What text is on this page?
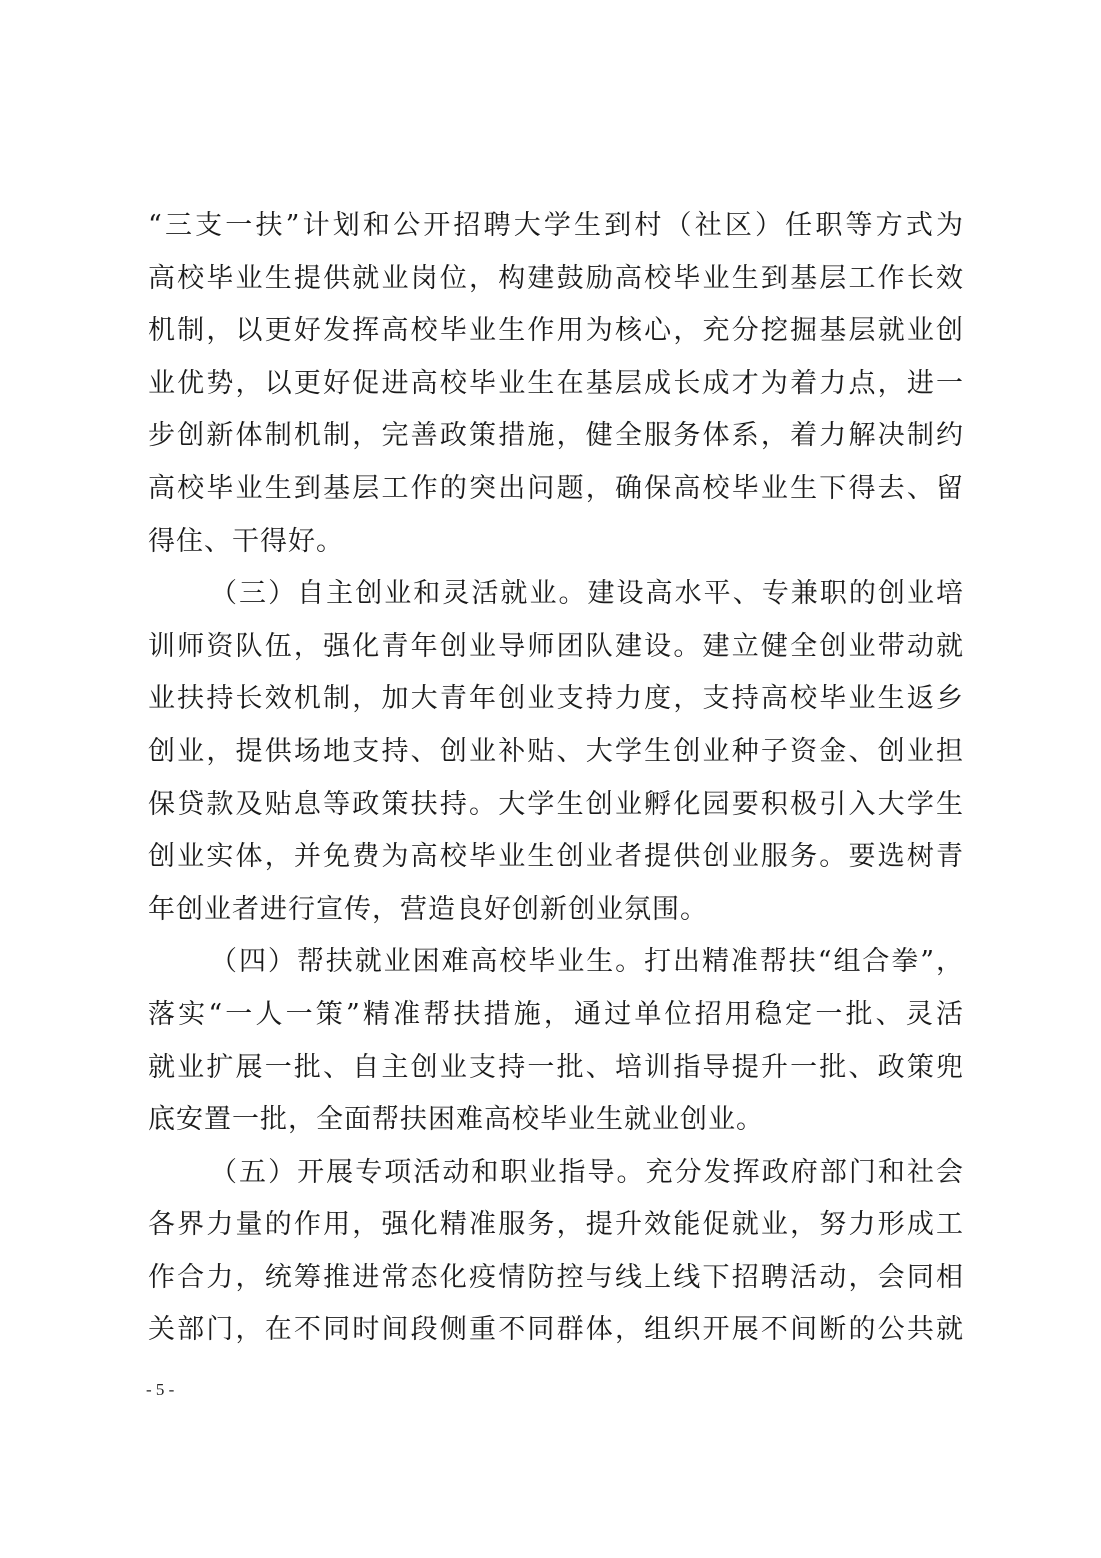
“三支一扶”计划和公开招聘大学生到村（社区）任职等方式为
高校毕业生提供就业岗位，构建鼓励高校毕业生到基层工作长效
机制，以更好发挥高校毕业生作用为核心，充分挖掘基层就业创
业优势，以更好促进高校毕业生在基层成长成才为着力点，进一
步创新体制机制，完善政策措施，健全服务体系，着力解决制约
高校毕业生到基层工作的突出问题，确保高校毕业生下得去、留
得住、干得好。
（三）自主创业和灵活就业。建设高水平、专兼职的创业培
训师资队伍，强化青年创业导师团队建设。建立健全创业带动就
业扶持长效机制，加大青年创业支持力度，支持高校毕业生返乡
创业，提供场地支持、创业补贴、大学生创业种子资金、创业担
保贷款及贴息等政策扶持。大学生创业孵化园要积极引入大学生
创业实体，并免费为高校毕业生创业者提供创业服务。要选树青
年创业者进行宣传，营造良好创新创业氛围。
（四）帮扶就业困难高校毕业生。打出精准帮扶“组合拳”，
落实“一人一策”精准帮扶措施，通过单位招用稳定一批、灵活
就业扩展一批、自主创业支持一批、培训指导提升一批、政策兜
底安置一批，全面帮扶困难高校毕业生就业创业。
（五）开展专项活动和职业指导。充分发挥政府部门和社会
各界力量的作用，强化精准服务，提升效能促就业，努力形成工
作合力，统筹推进常态化疫情防控与线上线下招聘活动，会同相
关部门，在不同时间段侧重不同群体，组织开展不间断的公共就
- 5 -
